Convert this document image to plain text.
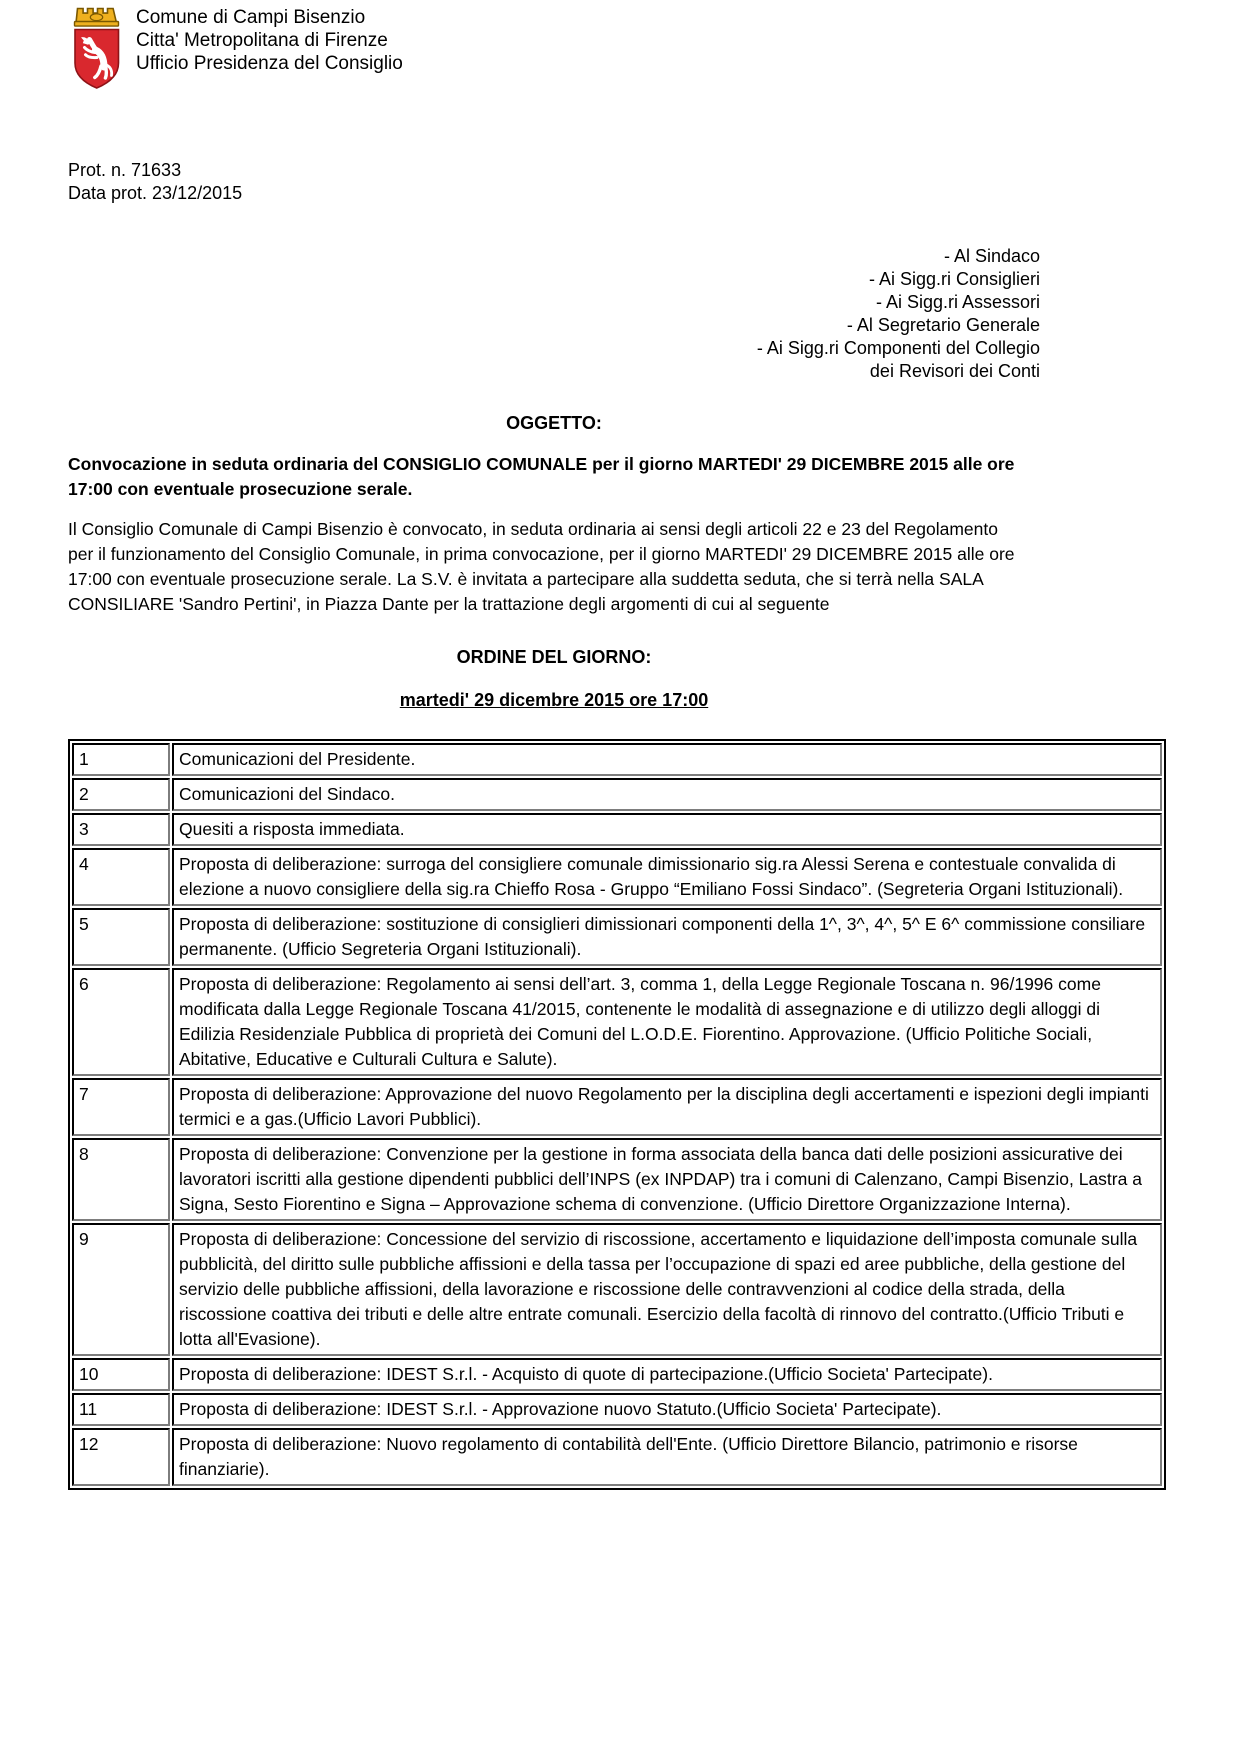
Comune di Campi Bisenzio
Citta' Metropolitana di Firenze
Ufficio Presidenza del Consiglio
Prot. n. 71633
Data prot. 23/12/2015
- Al Sindaco
- Ai Sigg.ri Consiglieri
- Ai Sigg.ri Assessori
- Al Segretario Generale
- Ai Sigg.ri Componenti del Collegio
dei Revisori dei Conti
OGGETTO:
Convocazione in seduta ordinaria del CONSIGLIO COMUNALE per il giorno MARTEDI' 29 DICEMBRE 2015 alle ore 17:00 con eventuale prosecuzione serale.
Il Consiglio Comunale di Campi Bisenzio è convocato, in seduta ordinaria ai sensi degli articoli 22 e 23 del Regolamento per il funzionamento del Consiglio Comunale, in prima convocazione, per il giorno MARTEDI' 29 DICEMBRE 2015 alle ore 17:00 con eventuale prosecuzione serale. La S.V. è invitata a partecipare alla suddetta seduta, che si terrà nella SALA CONSILIARE 'Sandro Pertini', in Piazza Dante per la trattazione degli argomenti di cui al seguente
ORDINE DEL GIORNO:
martedi' 29 dicembre 2015 ore 17:00
1	Comunicazioni del Presidente.
2	Comunicazioni del Sindaco.
3	Quesiti a risposta immediata.
4	Proposta di deliberazione: surroga del consigliere comunale dimissionario sig.ra Alessi Serena e contestuale convalida di elezione a nuovo consigliere della sig.ra Chieffo Rosa - Gruppo “Emiliano Fossi Sindaco”. (Segreteria Organi Istituzionali).
5	Proposta di deliberazione: sostituzione di consiglieri dimissionari componenti della 1^, 3^, 4^, 5^ E 6^ commissione consiliare permanente. (Ufficio Segreteria Organi Istituzionali).
6	Proposta di deliberazione: Regolamento ai sensi dell’art. 3, comma 1, della Legge Regionale Toscana n. 96/1996 come modificata dalla Legge Regionale Toscana 41/2015, contenente le modalità di assegnazione e di utilizzo degli alloggi di Edilizia Residenziale Pubblica di proprietà dei Comuni del L.O.D.E. Fiorentino. Approvazione. (Ufficio Politiche Sociali, Abitative, Educative e Culturali Cultura e Salute).
7	Proposta di deliberazione: Approvazione del nuovo Regolamento per la disciplina degli accertamenti e ispezioni degli impianti termici e a gas.(Ufficio Lavori Pubblici).
8	Proposta di deliberazione: Convenzione per la gestione in forma associata della banca dati delle posizioni assicurative dei lavoratori iscritti alla gestione dipendenti pubblici dell’INPS (ex INPDAP) tra i comuni di Calenzano, Campi Bisenzio, Lastra a Signa, Sesto Fiorentino e Signa – Approvazione schema di convenzione. (Ufficio Direttore Organizzazione Interna).
9	Proposta di deliberazione: Concessione del servizio di riscossione, accertamento e liquidazione dell’imposta comunale sulla pubblicità, del diritto sulle pubbliche affissioni e della tassa per l’occupazione di spazi ed aree pubbliche, della gestione del servizio delle pubbliche affissioni, della lavorazione e riscossione delle contravvenzioni al codice della strada, della riscossione coattiva dei tributi e delle altre entrate comunali. Esercizio della facoltà di rinnovo del contratto.(Ufficio Tributi e lotta all'Evasione).
10	Proposta di deliberazione: IDEST S.r.l. - Acquisto di quote di partecipazione.(Ufficio Societa' Partecipate).
11	Proposta di deliberazione: IDEST S.r.l. - Approvazione nuovo Statuto.(Ufficio Societa' Partecipate).
12	Proposta di deliberazione: Nuovo regolamento di contabilità dell'Ente. (Ufficio Direttore Bilancio, patrimonio e risorse finanziarie).
